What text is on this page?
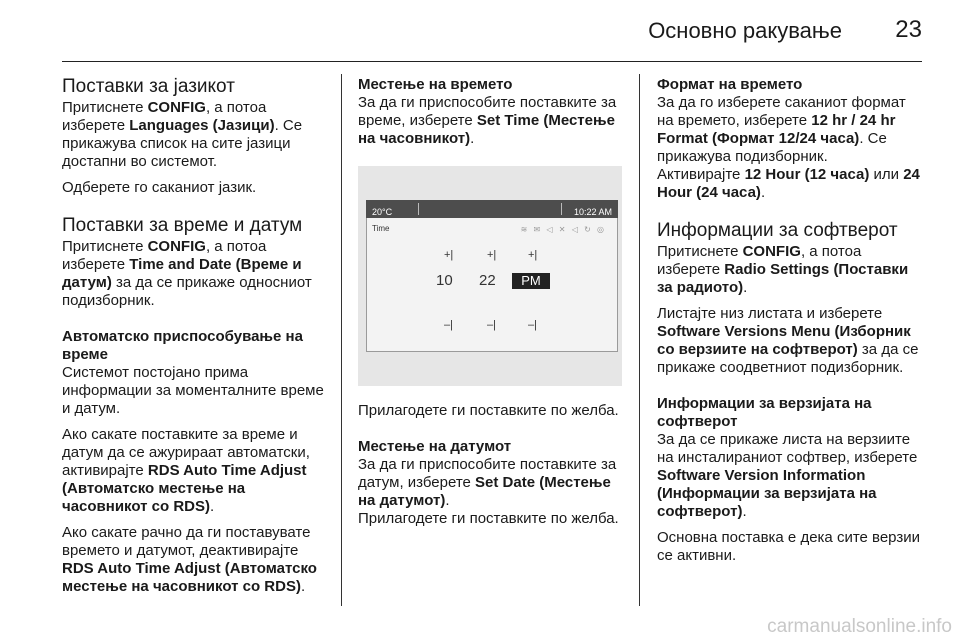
Основно ракување 23
Поставки за јазикот

Притиснете CONFIG, а потоа изберете Languages (Јазици). Се прикажува список на сите јазици достапни во системот.

Одберете го саканиот јазик.

Поставки за време и датум

Притиснете CONFIG, а потоа изберете Time and Date (Време и датум) за да се прикаже односниот подизборник.

Автоматско приспособување на време

Системот постојано прима информации за моменталните време и датум.

Ако сакате поставките за време и датум да се ажурираат автоматски, активирајте RDS Auto Time Adjust (Автоматско местење на часовникот со RDS).

Ако сакате рачно да ги поставувате времето и датумот, деактивирајте RDS Auto Time Adjust (Автоматско местење на часовникот со RDS).

Местење на времето

За да ги приспособите поставките за време, изберете Set Time (Местење на часовникот).

20°C	10:22 AM
Time	≋ ✉ ◁ ✕ ◁ ↻ ◎
+|	+|	+|
10 22	PM
–|	–|	–|

Прилагодете ги поставките по желба.

Местење на датумот

За да ги приспособите поставките за датум, изберете Set Date (Местење на датумот).

Прилагодете ги поставките по желба.

Формат на времето

За да го изберете саканиот формат на времето, изберете 12 hr / 24 hr Format (Формат 12/24 часа). Се прикажува подизборник.
Активирајте 12 Hour (12 часа) или 24 Hour (24 часа).

Информации за софтверот

Притиснете CONFIG, а потоа изберете Radio Settings (Поставки за радиото).

Листајте низ листата и изберете Software Versions Menu (Изборник со верзиите на софтверот) за да се прикаже соодветниот подизборник.

Информации за верзијата на софтверот

За да се прикаже листа на верзиите на инсталираниот софтвер, изберете Software Version Information (Информации за верзијата на софтверот).

Основна поставка е дека сите верзии се активни.

carmanualsonline.info
